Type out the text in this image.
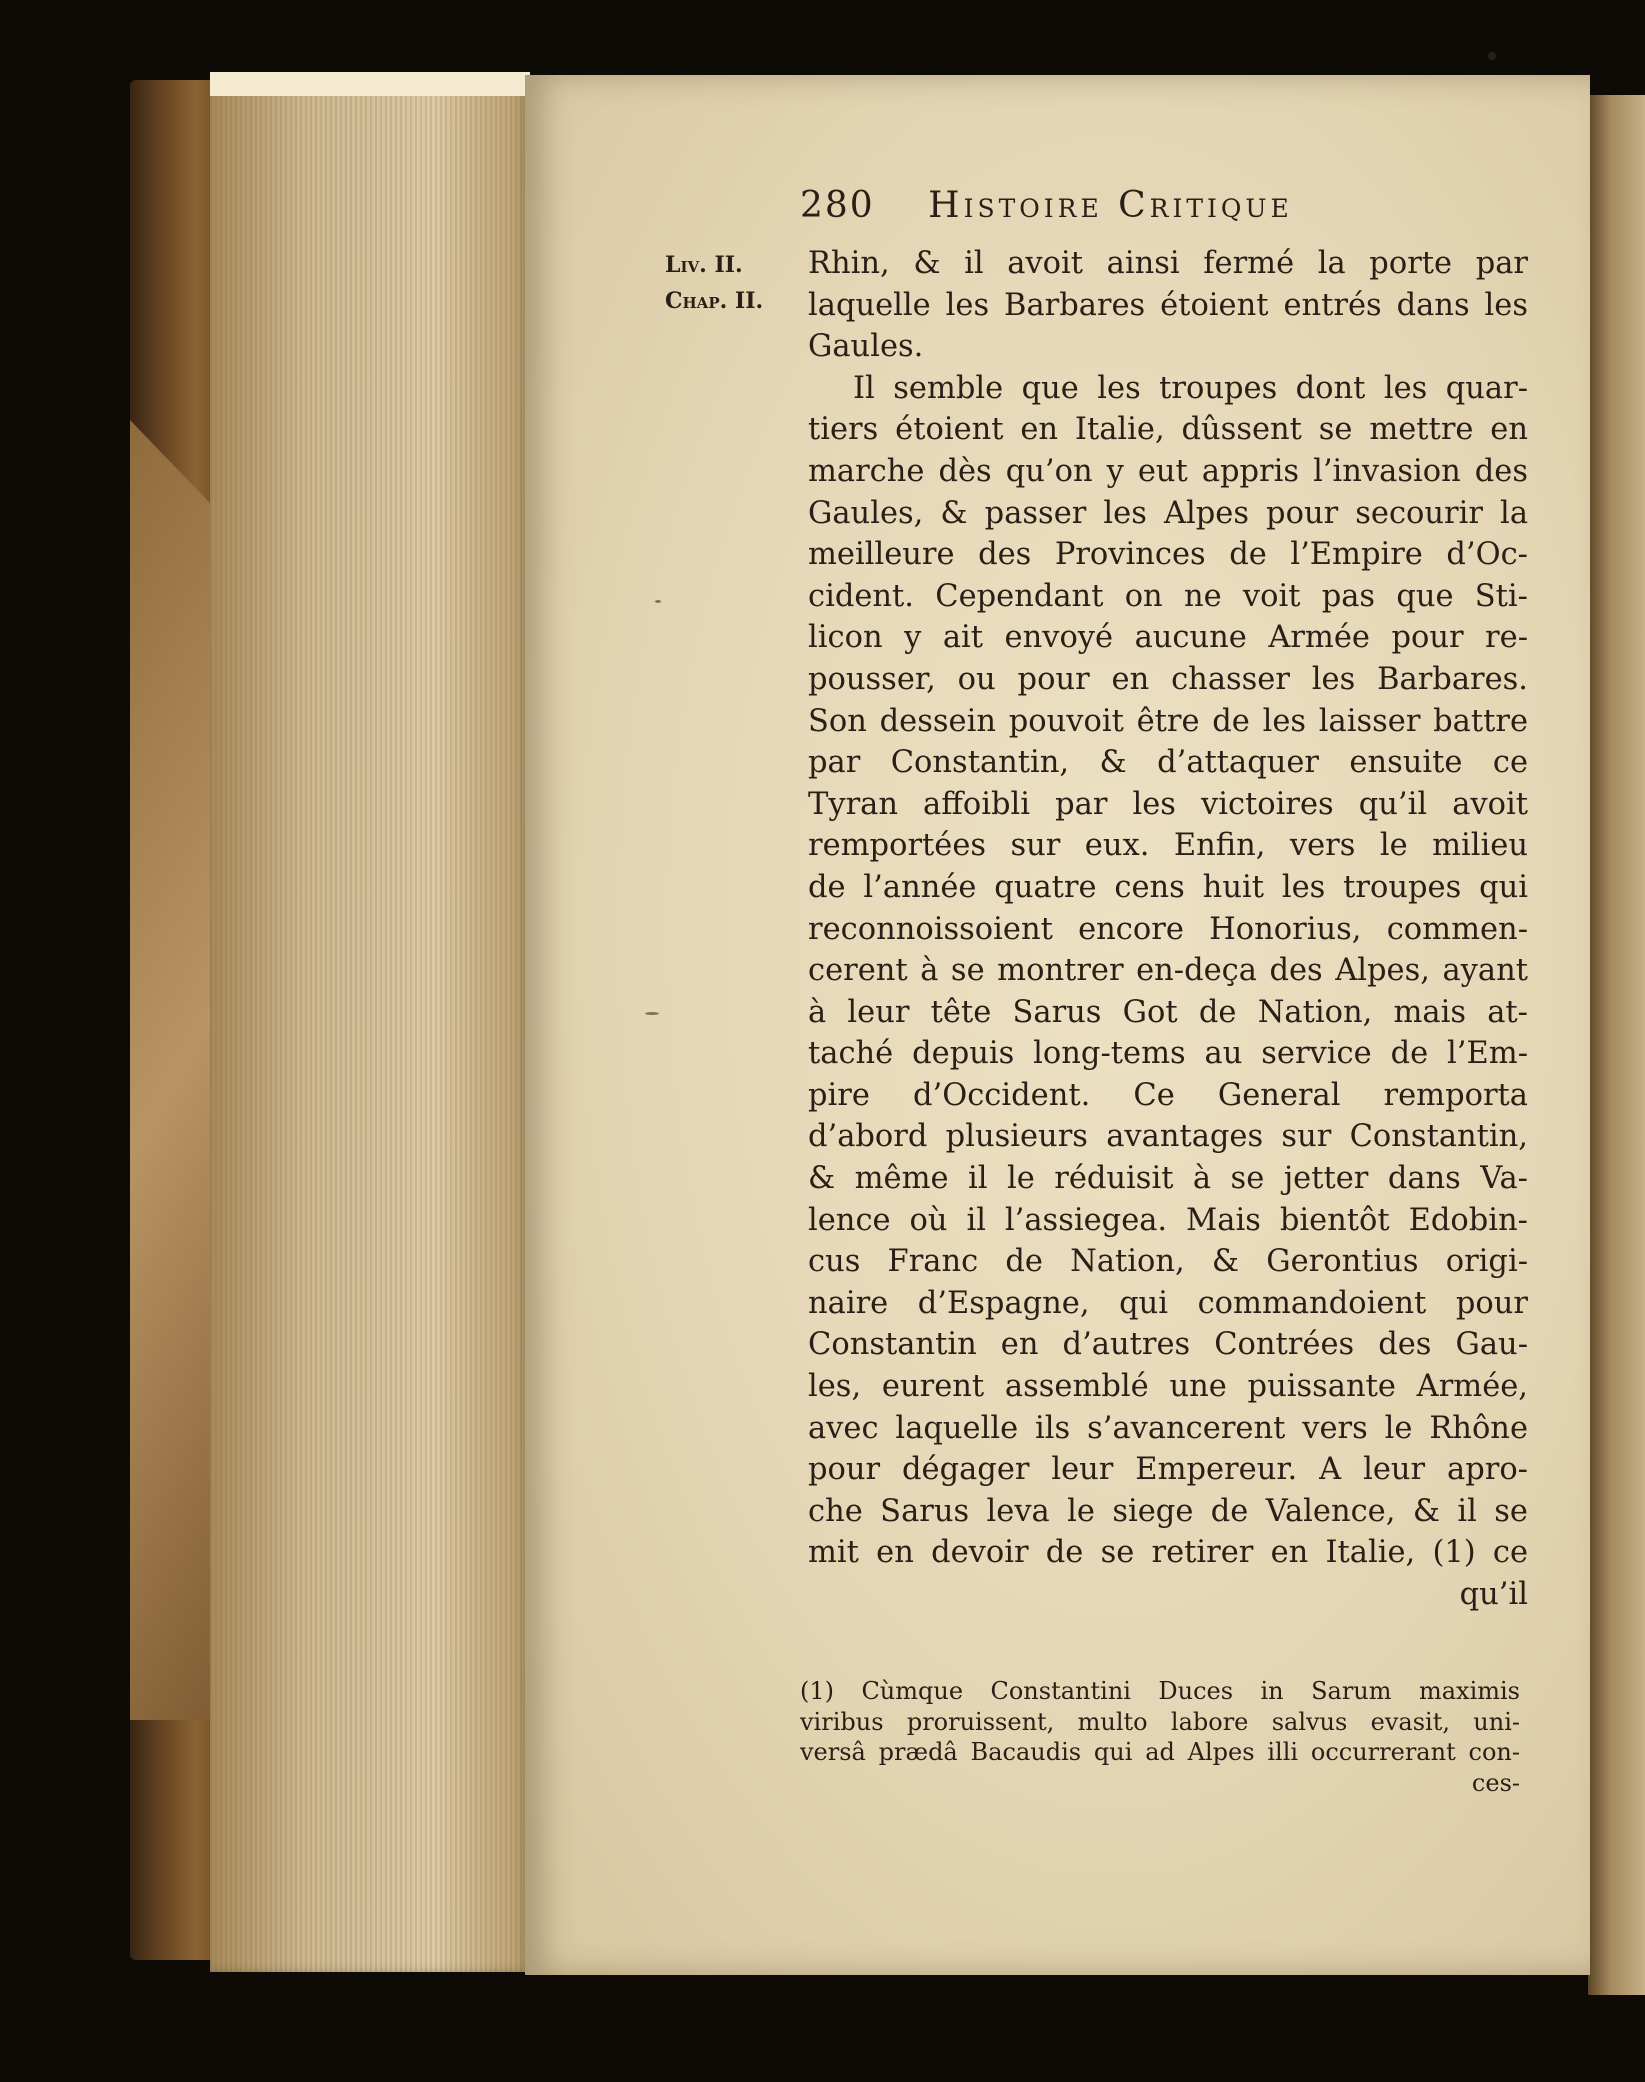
280 Histoire Critique
Liv. II.
Chap. II.
Rhin, & il avoit ainsi fermé la porte par
laquelle les Barbares étoient entrés dans les
Gaules.
Il semble que les troupes dont les quar-
tiers étoient en Italie, dûssent se mettre en
marche dès qu’on y eut appris l’invasion des
Gaules, & passer les Alpes pour secourir la
meilleure des Provinces de l’Empire d’Oc-
cident. Cependant on ne voit pas que Sti-
licon y ait envoyé aucune Armée pour re-
pousser, ou pour en chasser les Barbares.
Son dessein pouvoit être de les laisser battre
par Constantin, & d’attaquer ensuite ce
Tyran affoibli par les victoires qu’il avoit
remportées sur eux. Enfin, vers le milieu
de l’année quatre cens huit les troupes qui
reconnoissoient encore Honorius, commen-
cerent à se montrer en-deça des Alpes, ayant
à leur tête Sarus Got de Nation, mais at-
taché depuis long-tems au service de l’Em-
pire d’Occident. Ce General remporta
d’abord plusieurs avantages sur Constantin,
& même il le réduisit à se jetter dans Va-
lence où il l’assiegea. Mais bientôt Edobin-
cus Franc de Nation, & Gerontius origi-
naire d’Espagne, qui commandoient pour
Constantin en d’autres Contrées des Gau-
les, eurent assemblé une puissante Armée,
avec laquelle ils s’avancerent vers le Rhône
pour dégager leur Empereur. A leur apro-
che Sarus leva le siege de Valence, & il se
mit en devoir de se retirer en Italie, (1) ce
qu’il
(1) Cùmque Constantini Duces in Sarum maximis
viribus proruissent, multo labore salvus evasit, uni-
versâ prædâ Bacaudis qui ad Alpes illi occurrerant con-
ces-
